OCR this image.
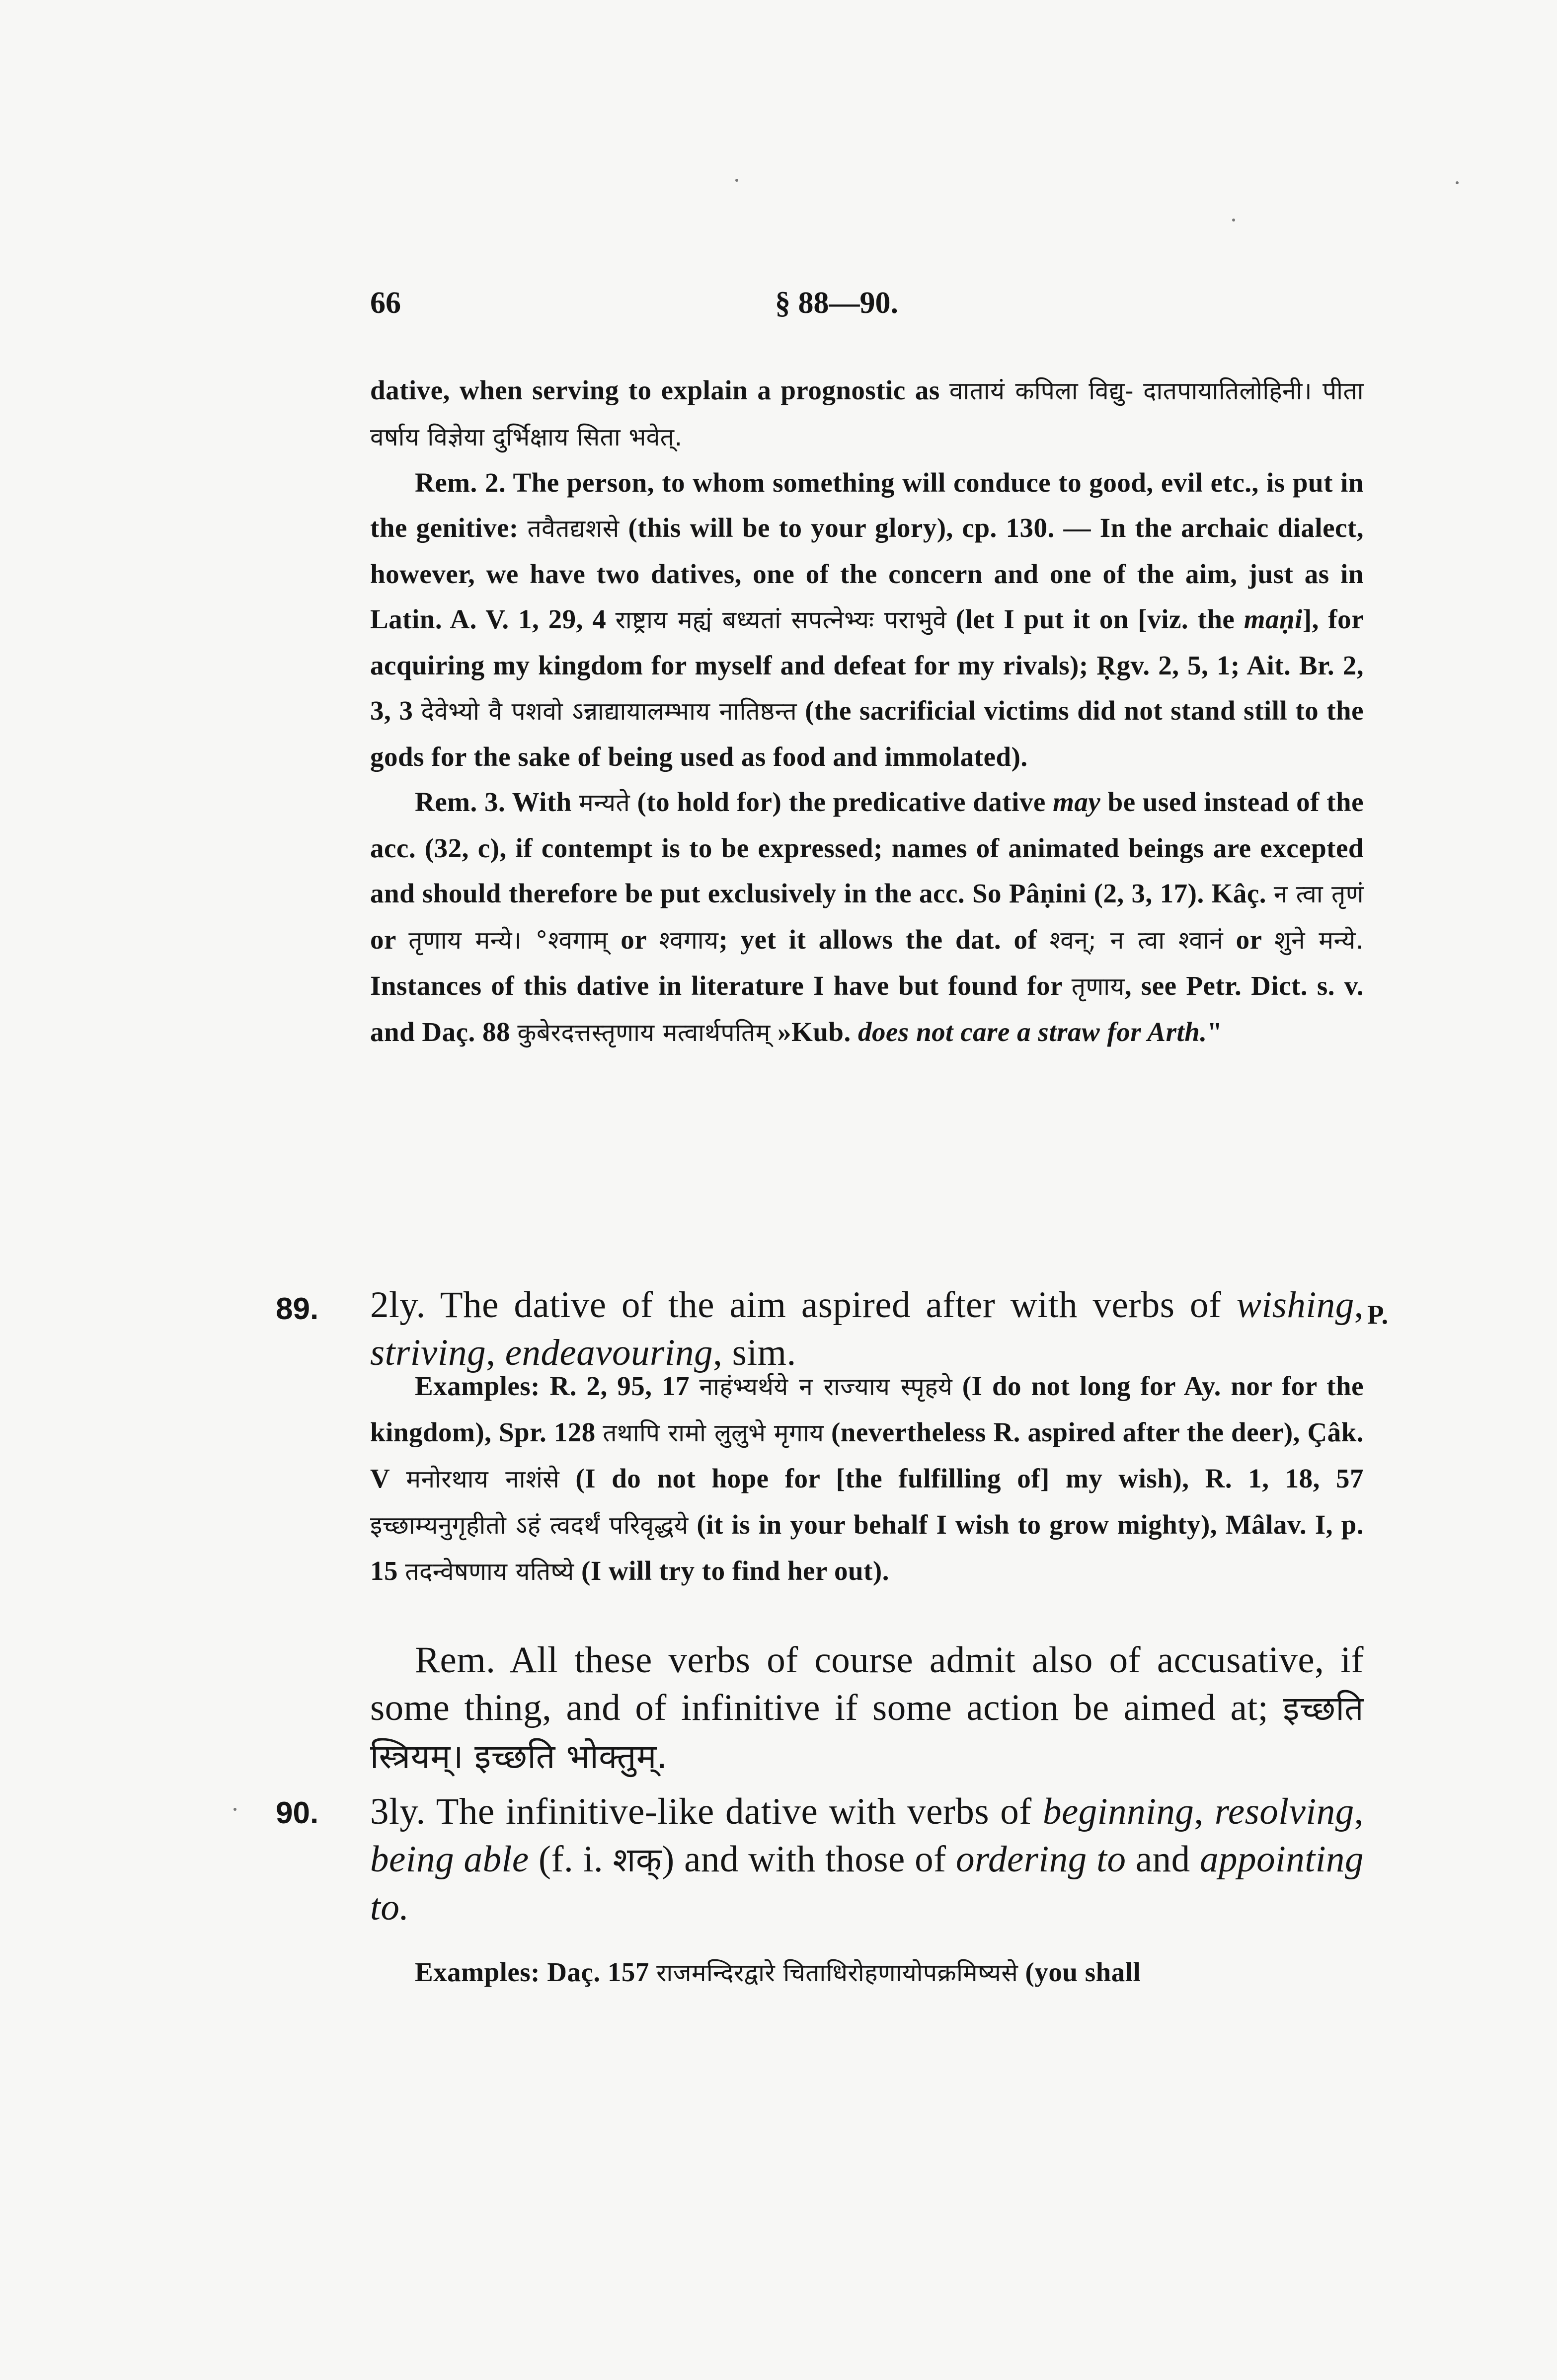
66	§ 88—90.

dative, when serving to explain a prognostic as वातायं कपिला विद्यु- दातपायातिलोहिनी। पीता वर्षाय विज्ञेया दुर्भिक्षाय सिता भवेत्.

Rem. 2. The person, to whom something will conduce to good, evil etc., is put in the genitive: तवैतद्यशसे (this will be to your glory), cp. 130. — In the archaic dialect, however, we have two datives, one of the concern and one of the aim, just as in Latin. A. V. 1, 29, 4 राष्ट्राय मह्यं बध्यतां सपत्नेभ्यः पराभुवे (let I put it on [viz. the maṇi], for acquiring my kingdom for myself and defeat for my rivals); Ṛgv. 2, 5, 1; Ait. Br. 2, 3, 3 देवेभ्यो वै पशवो ऽन्नाद्यायालम्भाय नातिष्ठन्त (the sacrificial victims did not stand still to the gods for the sake of being used as food and immolated).

Rem. 3. With मन्यते (to hold for) the predicative dative may be used instead of the acc. (32, c), if contempt is to be expressed; names of animated beings are excepted and should therefore be put exclusively in the acc. So Pâṇini (2, 3, 17). Kâç. न त्वा तृणं or तृणाय मन्ये। °श्वगाम् or श्वगाय; yet it allows the dat. of श्वन्; न त्वा श्वानं or शुने मन्ये. Instances of this dative in literature I have but found for तृणाय, see Petr. Dict. s. v. and Daç. 88 कुबेरदत्तस्तृणाय मत्वार्थपतिम् »Kub. does not care a straw for Arth."

89.	P.

2ly. The dative of the aim aspired after with verbs of wishing, striving, endeavouring, sim.

Examples: R. 2, 95, 17 नाहंभ्यर्थये न राज्याय स्पृहये (I do not long for Ay. nor for the kingdom), Spr. 128 तथापि रामो लुलुभे मृगाय (nevertheless R. aspired after the deer), Çâk. V मनोरथाय नाशंसे (I do not hope for [the fulfilling of] my wish), R. 1, 18, 57 इच्छाम्यनुगृहीतो ऽहं त्वदर्थं परिवृद्धये (it is in your behalf I wish to grow mighty), Mâlav. I, p. 15 तदन्वेषणाय यतिष्ये (I will try to find her out).

Rem. All these verbs of course admit also of accusative, if some thing, and of infinitive if some action be aimed at; इच्छति स्त्रियम्। इच्छति भोक्तुम्.

90. 3ly. The infinitive-like dative with verbs of beginning, resolving, being able (f. i. शक्) and with those of ordering to and appointing to.

Examples: Daç. 157 राजमन्दिरद्वारे चिताधिरोहणायोपक्रमिष्यसे (you shall
